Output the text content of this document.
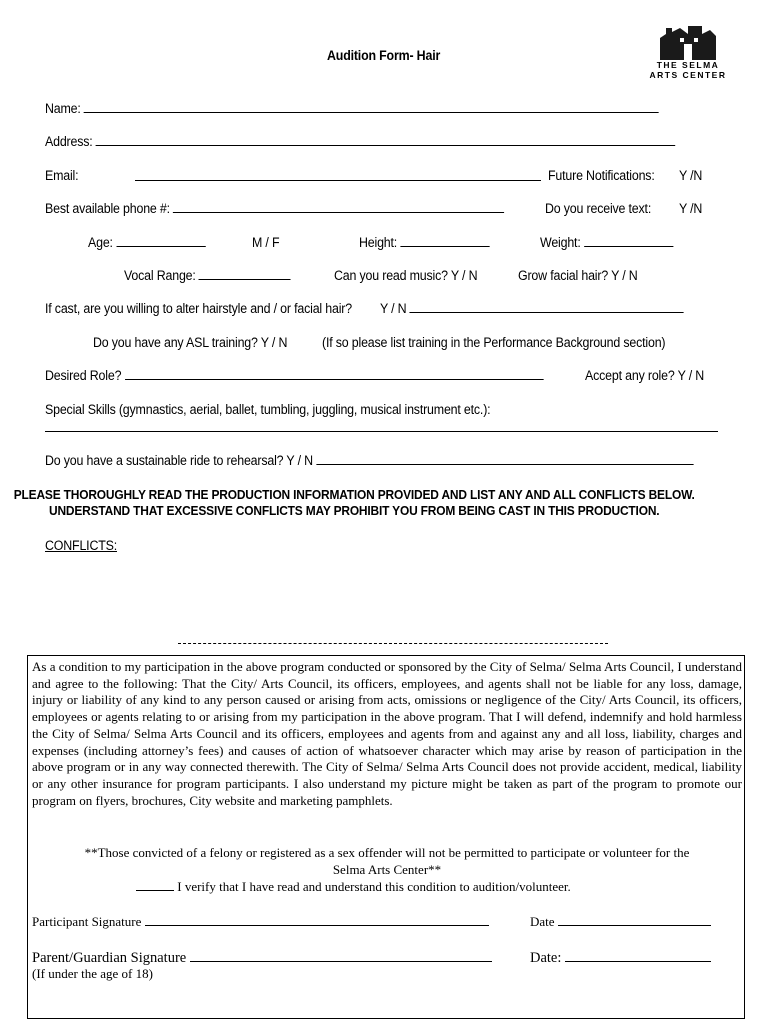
Audition Form- Hair
THE SELMA
ARTS CENTER
Name:
Address:
Email:	Future Notifications: Y /N
Best available phone #:	Do you receive text: Y /N
Age:	M / F	Height:	Weight:
Vocal Range:	Can you read music? Y / N	Grow facial hair? Y / N
If cast, are you willing to alter hairstyle and / or facial hair? Y / N
Do you have any ASL training? Y / N	(If so please list training in the Performance Background section)
Desired Role?	Accept any role? Y / N
Special Skills (gymnastics, aerial, ballet, tumbling, juggling, musical instrument etc.):
Do you have a sustainable ride to rehearsal? Y / N
PLEASE THOROUGHLY READ THE PRODUCTION INFORMATION PROVIDED AND LIST ANY AND ALL CONFLICTS BELOW.
UNDERSTAND THAT EXCESSIVE CONFLICTS MAY PROHIBIT YOU FROM BEING CAST IN THIS PRODUCTION.
CONFLICTS:
As a condition to my participation in the above program conducted or sponsored by the City of Selma/ Selma Arts Council, I understand and agree to the following: That the City/ Arts Council, its officers, employees, and agents shall not be liable for any loss, damage, injury or liability of any kind to any person caused or arising from acts, omissions or negligence of the City/ Arts Council, its officers, employees or agents relating to or arising from my participation in the above program. That I will defend, indemnify and hold harmless the City of Selma/ Selma Arts Council and its officers, employees and agents from and against any and all loss, liability, charges and expenses (including attorney’s fees) and causes of action of whatsoever character which may arise by reason of participation in the above program or in any way connected therewith. The City of Selma/ Selma Arts Council does not provide accident, medical, liability or any other insurance for program participants. I also understand my picture might be taken as part of the program to promote our program on flyers, brochures, City website and marketing pamphlets.
**Those convicted of a felony or registered as a sex offender will not be permitted to participate or volunteer for the
Selma Arts Center**
I verify that I have read and understand this condition to audition/volunteer.
Participant Signature	Date
Parent/Guardian Signature	Date:
(If under the age of 18)
